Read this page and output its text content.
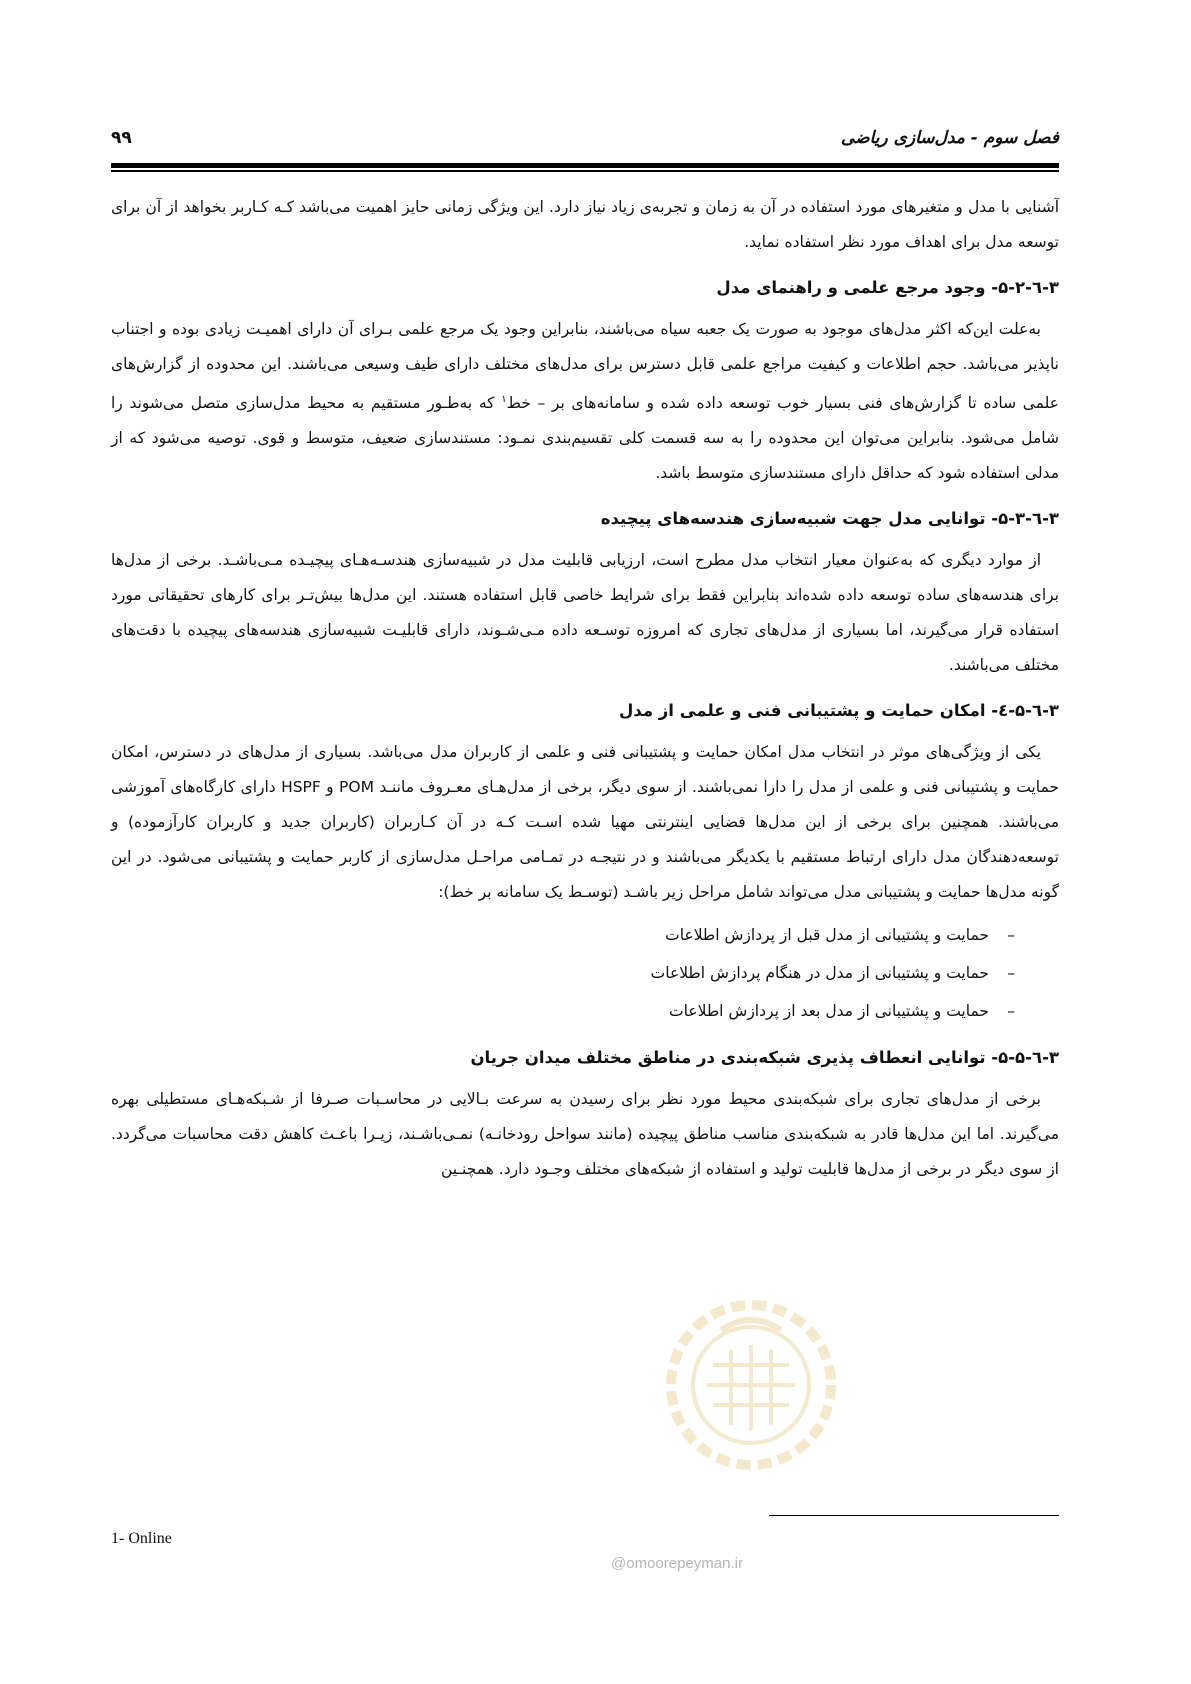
فصل سوم - مدل‌سازی ریاضی
۹۹

آشنایی با مدل و متغیرهای مورد استفاده در آن به زمان و تجربه‌ی زیاد نیاز دارد. این ویژگی زمانی حایز اهمیت می‌باشد کـه کـاربر بخواهد از آن برای توسعه مدل برای اهداف مورد نظر استفاده نماید.

۳-٦-۵-۲- وجود مرجع علمی و راهنمای مدل

به‌علت این‌که اکثر مدل‌های موجود به صورت یک جعبه سیاه می‌باشند، بنابراین وجود یک مرجع علمی بـرای آن دارای اهمیـت زیادی بوده و اجتناب ناپذیر می‌باشد. حجم اطلاعات و کیفیت مراجع علمی قابل دسترس برای مدل‌های مختلف دارای طیف وسیعی می‌باشند. این محدوده از گزارش‌های علمی ساده تا گزارش‌های فنی بسیار خوب توسعه داده شده و سامانه‌های بر – خط$^۱$ که به‌طـور مستقیم به محیط مدل‌سازی متصل می‌شوند را شامل می‌شود. بنابراین می‌توان این محدوده را به سه قسمت کلی تقسیم‌بندی نمـود: مستندسازی ضعیف، متوسط و قوی. توصیه می‌شود که از مدلی استفاده شود که حداقل دارای مستندسازی متوسط باشد.

۳-٦-۵-۳- توانایی مدل جهت شبیه‌سازی هندسه‌های پیچیده

از موارد دیگری که به‌عنوان معیار انتخاب مدل مطرح است، ارزیابی قابلیت مدل در شبیه‌سازی هندسـه‌هـای پیچیـده مـی‌باشـد. برخی از مدل‌ها برای هندسه‌های ساده توسعه داده شده‌اند بنابراین فقط برای شرایط خاصی قابل استفاده هستند. این مدل‌ها بیش‌تـر برای کارهای تحقیقاتی مورد استفاده قرار می‌گیرند، اما بسیاری از مدل‌های تجاری که امروزه توسـعه داده مـی‌شـوند، دارای قابلیـت شبیه‌سازی هندسه‌های پیچیده با دقت‌های مختلف می‌باشند.

۳-٦-۵-٤- امکان حمایت و پشتیبانی فنی و علمی از مدل

یکی از ویژگی‌های موثر در انتخاب مدل امکان حمایت و پشتیبانی فنی و علمی از کاربران مدل می‌باشد. بسیاری از مدل‌های در دسترس، امکان حمایت و پشتیبانی فنی و علمی از مدل را دارا نمی‌باشند. از سوی دیگر، برخی از مدل‌هـای معـروف ماننـد POM و HSPF دارای کارگاه‌های آموزشی می‌باشند. همچنین برای برخی از این مدل‌ها فضایی اینترنتی مهیا شده اسـت کـه در آن کـاربران (کاربران جدید و کاربران کارآزموده) و توسعه‌دهندگان مدل دارای ارتباط مستقیم با یکدیگر می‌باشند و در نتیجـه در تمـامی مراحـل مدل‌سازی از کاربر حمایت و پشتیبانی می‌شود. در این گونه مدل‌ها حمایت و پشتیبانی مدل می‌تواند شامل مراحل زیر باشـد (توسـط یک سامانه بر خط):

–حمایت و پشتیبانی از مدل قبل از پردازش اطلاعات
–حمایت و پشتیبانی از مدل در هنگام پردازش اطلاعات
–حمایت و پشتیبانی از مدل بعد از پردازش اطلاعات
۳-٦-۵-۵- توانایی انعطاف پذیری شبکه‌بندی در مناطق مختلف میدان جریان

برخی از مدل‌های تجاری برای شبکه‌بندی محیط مورد نظر برای رسیدن به سرعت بـالایی در محاسـبات صـرفا از شـبکه‌هـای مستطیلی بهره می‌گیرند. اما این مدل‌ها قادر به شبکه‌بندی مناسب مناطق پیچیده (مانند سواحل رودخانـه) نمـی‌باشـند، زیـرا باعـث کاهش دقت محاسبات می‌گردد. از سوی دیگر در برخی از مدل‌ها قابلیت تولید و استفاده از شبکه‌های مختلف وجـود دارد. همچنـین

1- Online
@omoorepeyman.ir
